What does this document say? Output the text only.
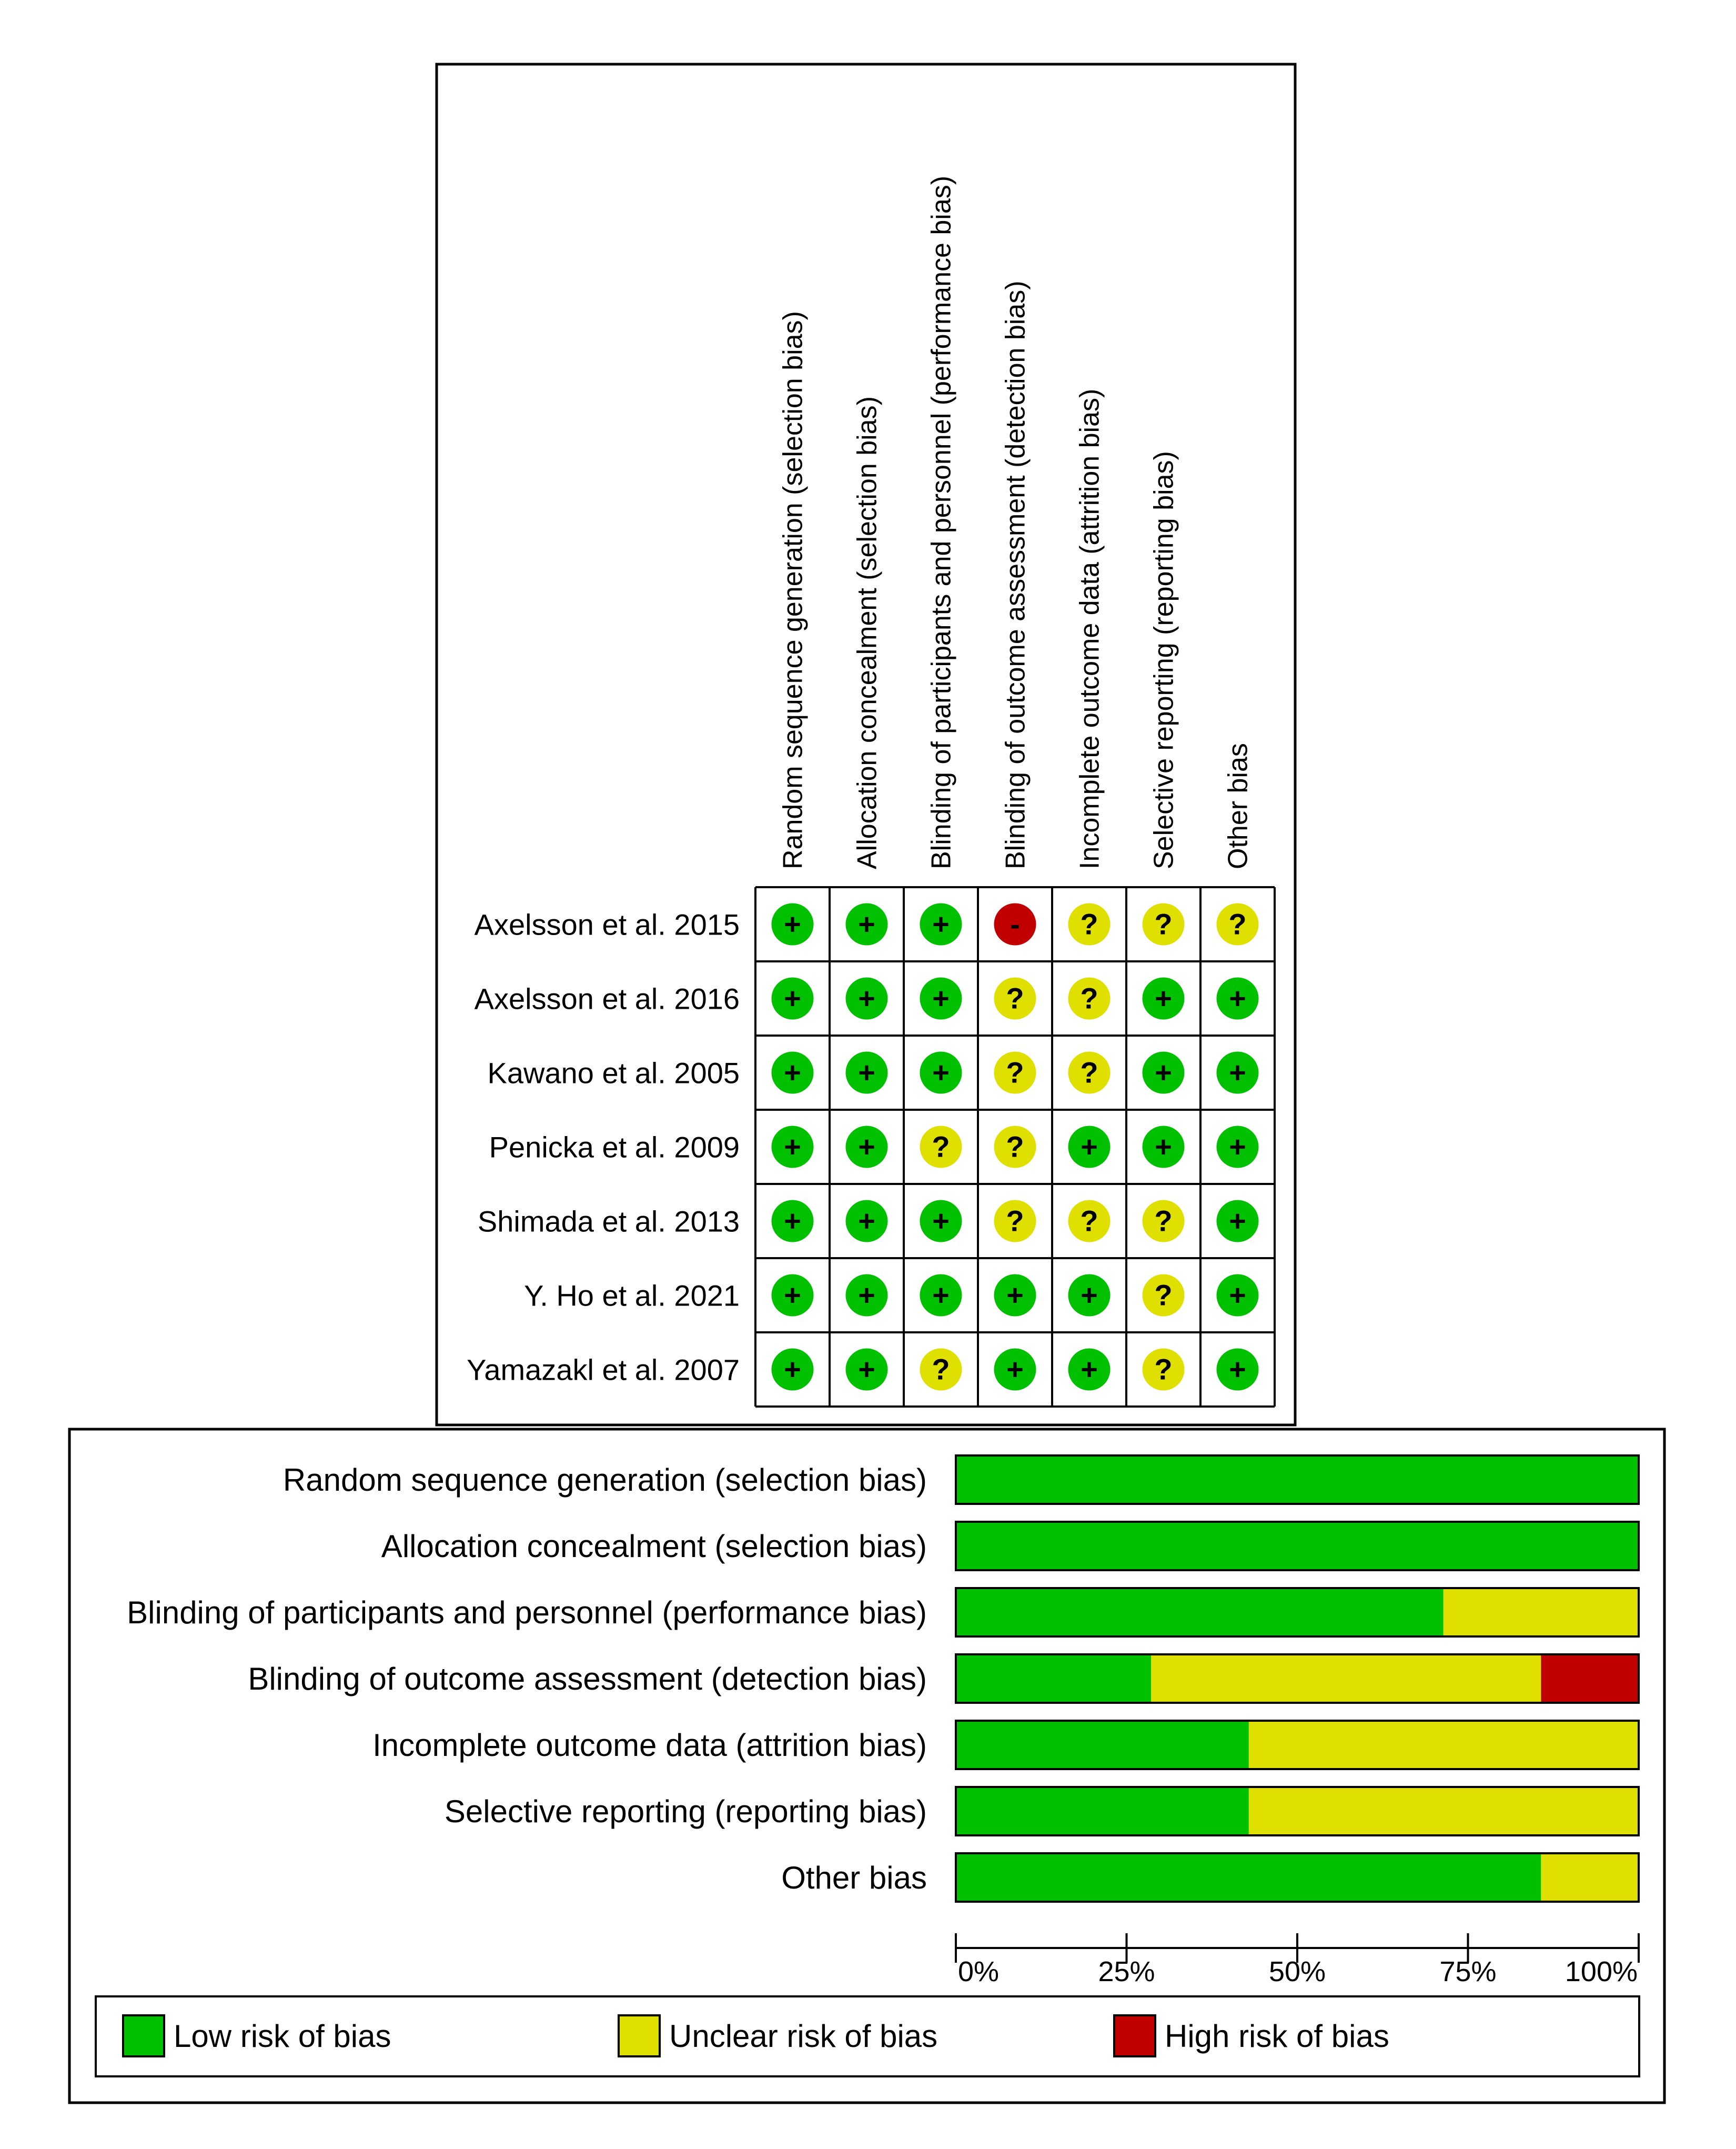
Random sequence generation (selection bias) Allocation concealment (selection bias) Blinding of participants and personnel (performance bias) Blinding of outcome assessment (detection bias) Incomplete outcome data (attrition bias) Selective reporting (reporting bias) Other bias
Axelsson et al. 2015 + + + - ? ? ?
Axelsson et al. 2016 + + + ? ? + +
Kawano et al. 2005 + + + ? ? + +
Penicka et al. 2009 + + ? ? + + +
Shimada et al. 2013 + + + ? ? ? +
Y. Ho et al. 2021 + + + + + ? +
Yamazakl et al. 2007 + + ? + + ? +
Random sequence generation (selection bias)
Allocation concealment (selection bias)
Blinding of participants and personnel (performance bias)
Blinding of outcome assessment (detection bias)
Incomplete outcome data (attrition bias)
Selective reporting (reporting bias)
Other bias
0%	25%	50%	75% 100%
Low risk of bias	Unclear risk of bias	High risk of bias
